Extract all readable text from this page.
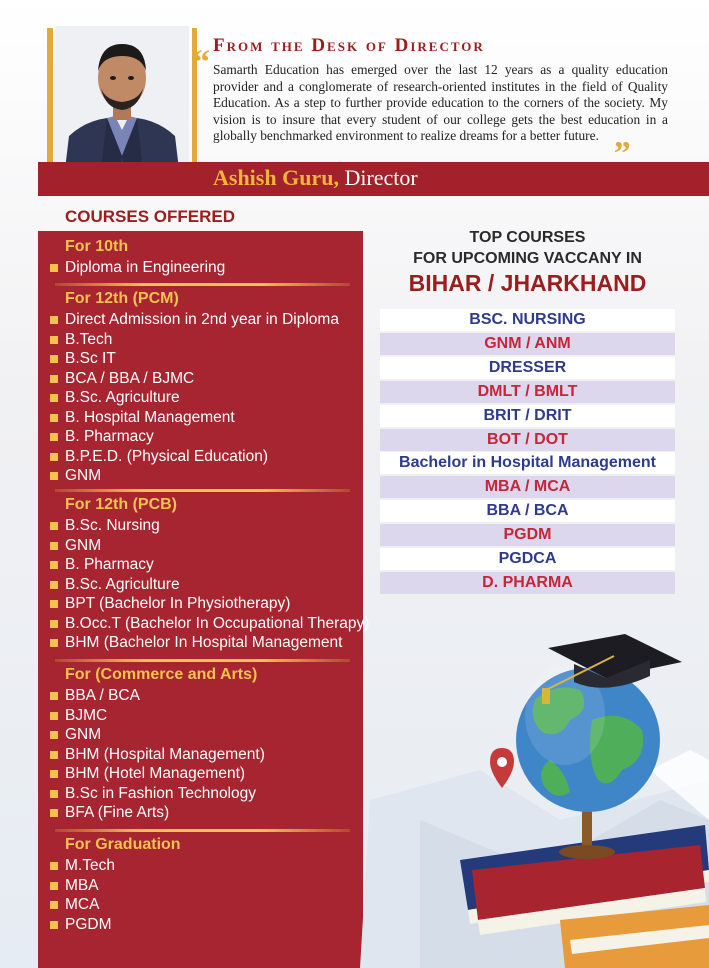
From the Desk of Director
“ Samarth Education has emerged over the last 12 years as a quality education provider and a conglomerate of research-oriented institutes in the field of Quality Education. As a step to further provide education to the corners of the society. My vision is to insure that every student of our college gets the best education in a globally benchmarked environment to realize dreams for a better future. „
Ashish Guru, Director
COURSES OFFERED
For 10th
Diploma in Engineering
For 12th (PCM)
Direct Admission in 2nd year in Diploma
B.Tech
B.Sc IT
BCA / BBA / BJMC
B.Sc. Agriculture
B. Hospital Management
B. Pharmacy
B.P.E.D. (Physical Education)
GNM
For 12th (PCB)
B.Sc. Nursing
GNM
B. Pharmacy
B.Sc. Agriculture
BPT (Bachelor In Physiotherapy)
B.Occ.T (Bachelor In Occupational Therapy)
BHM (Bachelor In Hospital Management
For (Commerce and Arts)
BBA / BCA
BJMC
GNM
BHM (Hospital Management)
BHM (Hotel Management)
B.Sc in Fashion Technology
BFA (Fine Arts)
For Graduation
M.Tech
MBA
MCA
PGDM
TOP COURSES
FOR UPCOMING VACCANY IN
BIHAR / JHARKHAND
BSC. NURSING
GNM / ANM
DRESSER
DMLT / BMLT
BRIT / DRIT
BOT / DOT
Bachelor in Hospital Management
MBA / MCA
BBA / BCA
PGDM
PGDCA
D. PHARMA
